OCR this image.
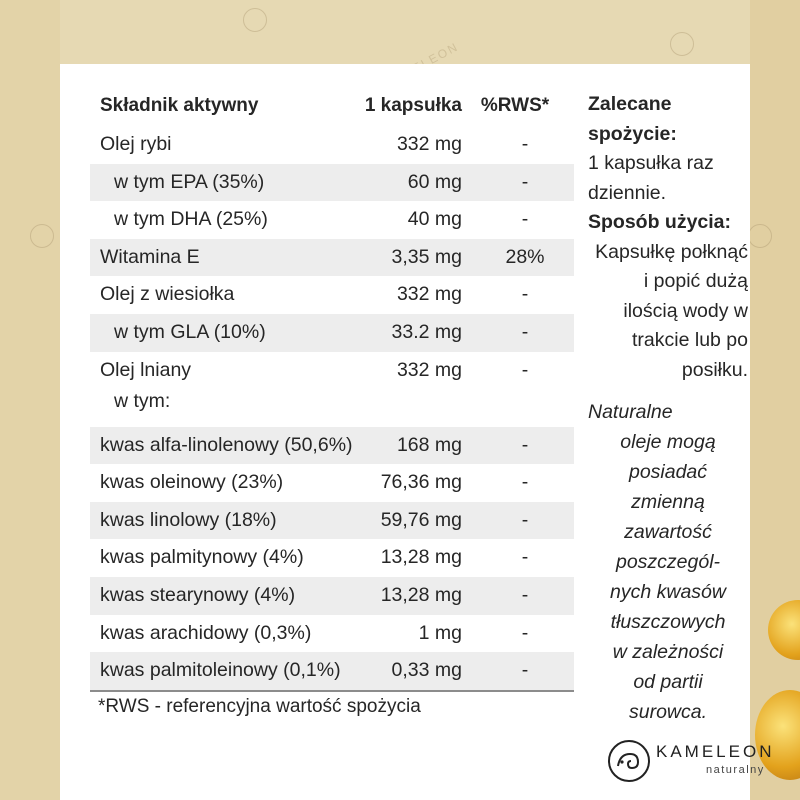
Składnik aktywny	1 kapsułka %RWS*
Olej rybi	332 mg	-
w tym EPA (35%)	60 mg	-
w tym DHA (25%)	40 mg	-
Witamina E	3,35 mg	28%
Olej z wiesiołka	332 mg	-
w tym GLA (10%)	33.2 mg	-
Olej lniany	332 mg	-
w tym:
kwas alfa-linolenowy (50,6%) 168 mg	-
kwas oleinowy (23%)	76,36 mg	-
kwas linolowy (18%)	59,76 mg	-
kwas palmitynowy (4%)	13,28 mg	-
kwas stearynowy (4%)	13,28 mg	-
kwas arachidowy (0,3%)	1 mg	-
kwas palmitoleinowy (0,1%)	0,33 mg	-
*RWS - referencyjna wartość spożycia
Zalecane spożycie:
1 kapsułka raz dziennie.
Sposób użycia:
Kapsułkę połknąć i popić dużą ilością wody w trakcie lub po posiłku.
Naturalne
oleje mogą
posiadać
zmienną
zawartość
poszczegól-
nych kwasów
tłuszczowych
w zależności
od partii
surowca.
KAMELEON
naturalny
